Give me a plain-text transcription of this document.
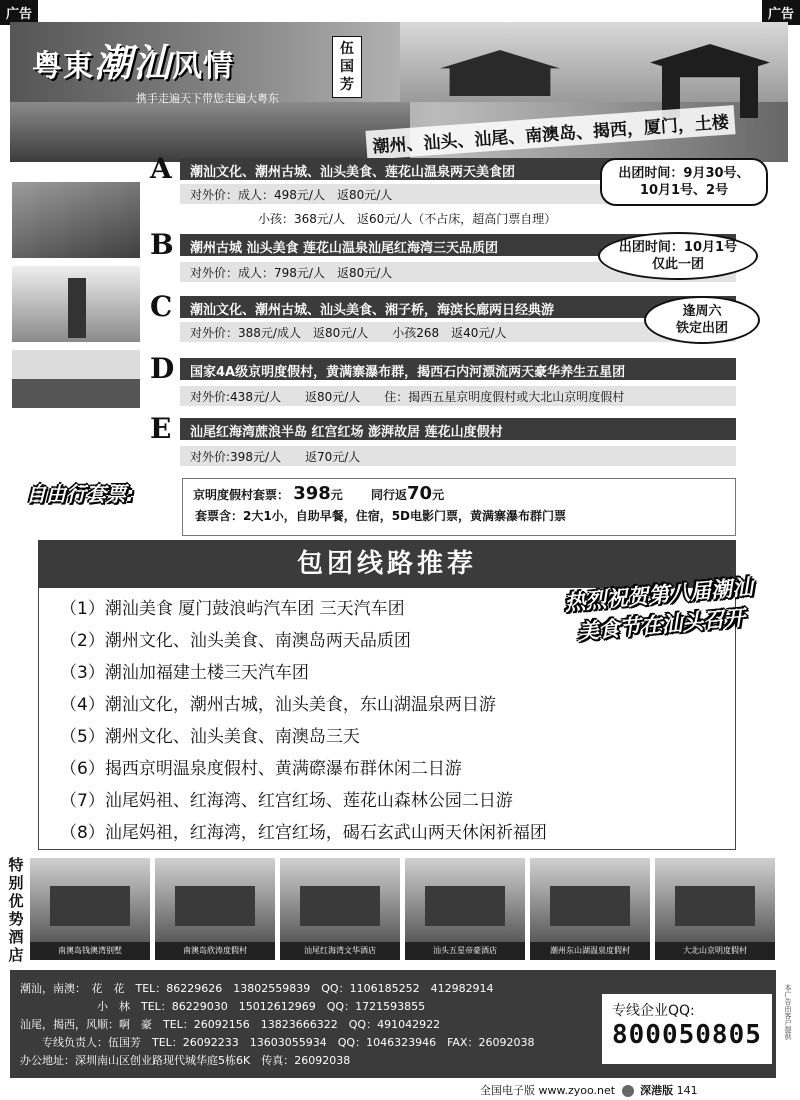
广告	广告
粤東潮汕风情	伍国芳
携手走遍天下带您走遍大粤东
潮州、汕头、汕尾、南澳岛、揭西，厦门，土楼
A	潮汕文化、潮州古城、汕头美食、莲花山温泉两天美食团
对外价：成人：498元/人　返80元/人
小孩：368元/人　返60元/人（不占床，超高门票自理）
出团时间：9月30号、10月1号、2号
B	潮州古城 汕头美食 莲花山温泉汕尾红海湾三天品质团
对外价：成人：798元/人　返80元/人
出团时间：10月1号
仅此一团
C	潮汕文化、潮州古城、汕头美食、湘子桥，海滨长廊两日经典游
对外价：388元/成人　返80元/人　　小孩268　返40元/人
逢周六
铁定出团
D	国家4A级京明度假村，黄满寨瀑布群，揭西石内河漂流两天豪华养生五星团
对外价:438元/人　　返80元/人　　住：揭西五星京明度假村或大北山京明度假村
E	汕尾红海湾蔗浪半岛 红宫红场 澎湃故居 莲花山度假村
对外价:398元/人　　返70元/人
自由行套票:	京明度假村套票： 398元 　　 同行返70元
套票含：2大1小，自助早餐，住宿，5D电影门票，黄满寨瀑布群门票
包团线路推荐
（1）潮汕美食 厦门鼓浪屿汽车团 三天汽车团
（2）潮州文化、汕头美食、南澳岛两天品质团
（3）潮汕加福建土楼三天汽车团
（4）潮汕文化，潮州古城，汕头美食，东山湖温泉两日游
（5）潮州文化、汕头美食、南澳岛三天
（6）揭西京明温泉度假村、黄满磜瀑布群休闲二日游
（7）汕尾妈祖、红海湾、红宫红场、莲花山森林公园二日游
（8）汕尾妈祖，红海湾，红宫红场，碣石玄武山两天休闲祈福团
热烈祝贺第八届潮汕
美食节在汕头召开
特别优势酒店	南澳岛钱澳湾别墅	南澳岛欣涛度假村	汕尾红海湾文华酒店	汕头五星帝豪酒店	潮州东山湖温泉度假村	大北山京明度假村
潮汕，南澳：　花　花　TEL：86229626　13802559839　QQ：1106185252　412982914
　　　　　　　小　林　TEL：86229030　15012612969　QQ：1721593855
汕尾，揭西，风顺：啊　豪　TEL：26092156　13823666322　QQ：491042922
　　专线负责人：伍国芳　TEL：26092233　13603055934　QQ：1046323946　FAX：26092038
办公地址：深圳南山区创业路现代城华庭5栋6K　传真：26092038
专线企业QQ:
800050805	本广告由客户提供
全国电子版 www.zyoo.net 深港版 141
